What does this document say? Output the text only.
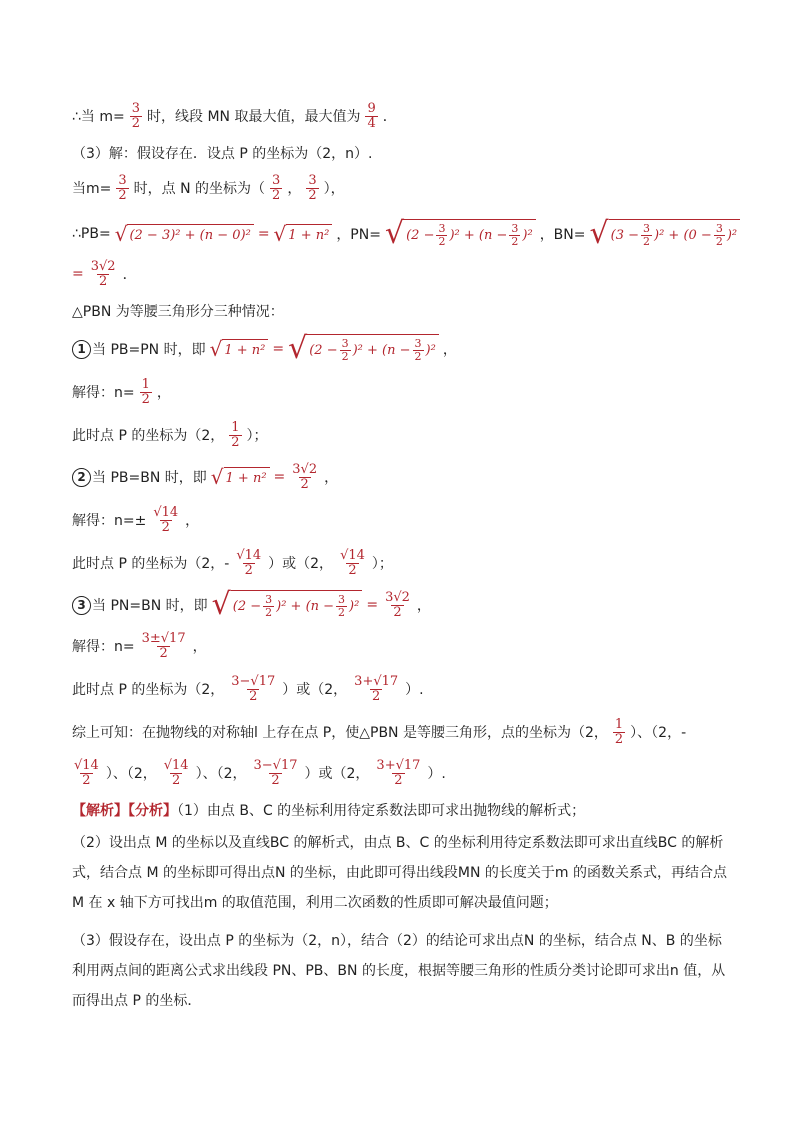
∴当 $m= \frac{3}{2}$ 时，线段 MN 取最大值，最大值为 $\frac{9}{4}$ ．
（3）解：假设存在．设点 P 的坐标为（2，n）.
当$m= \frac{3}{2}$ 时，点 N 的坐标为（ $\frac{3}{2}$ ， $\frac{3}{2}$ ），
∴PB= √ (2 − 3)² + (n − 0)² = √ 1 + n² ，PN= √ $(2 - \frac{3}{2} )^2 + (n - \frac{3}{2} )^2$ ，BN= √ $(3 - \frac{3}{2} )^2 + (0 - \frac{3}{2} )^2$
= $\frac{3√2}{2}$ ．
△PBN 为等腰三角形分三种情况：
1 当 PB=PN 时，即 √ 1 + n² = √ $(2 - \frac{3}{2} )^2 + (n - \frac{3}{2} )^2$ ，
解得：$n= \frac{1}{2}$ ，
此时点 P 的坐标为（2， $\frac{1}{2}$ ）；
2 当 PB=BN 时，即 √ $1 + n^2 = \frac{3√2}{2}$ ，
解得：$n=\pm \frac{√14}{2}$ ，
此时点 P 的坐标为（2，- $\frac{√14}{2}$ ）或（2， $\frac{√14}{2}$ ）；
3 当 PN=BN 时，即 √ $(2 - \frac{3}{2} )^2 + (n - \frac{3}{2} )^2 = \frac{3√2}{2}$ ，
解得：$n= \frac{3\pm√17}{2}$ ，
此时点 P 的坐标为（2， $\frac{3-√17}{2}$ ）或（2， $\frac{3+√17}{2}$ ）.
综上可知：在抛物线的对称轴l 上存在点 P，使△PBN 是等腰三角形，点的坐标为（2， $\frac{1}{2}$ ）、（2，-
$\frac{√14}{2}$ ）、（2， $\frac{√14}{2}$ ）、（2， $\frac{3-√17}{2}$ ）或（2， $\frac{3+√17}{2}$ ）.
【解析】【分析】（1）由点 B、C 的坐标利用待定系数法即可求出抛物线的解析式；
（2）设出点 M 的坐标以及直线BC 的解析式，由点 B、C 的坐标利用待定系数法即可求出直线BC 的解析式，结合点 M 的坐标即可得出点N 的坐标，由此即可得出线段MN 的长度关于m 的函数关系式，再结合点 M 在 x 轴下方可找出m 的取值范围，利用二次函数的性质即可解决最值问题；
（3）假设存在，设出点 P 的坐标为（2，n），结合（2）的结论可求出点N 的坐标，结合点 N、B 的坐标利用两点间的距离公式求出线段 PN、PB、BN 的长度，根据等腰三角形的性质分类讨论即可求出n 值，从而得出点 P 的坐标．
